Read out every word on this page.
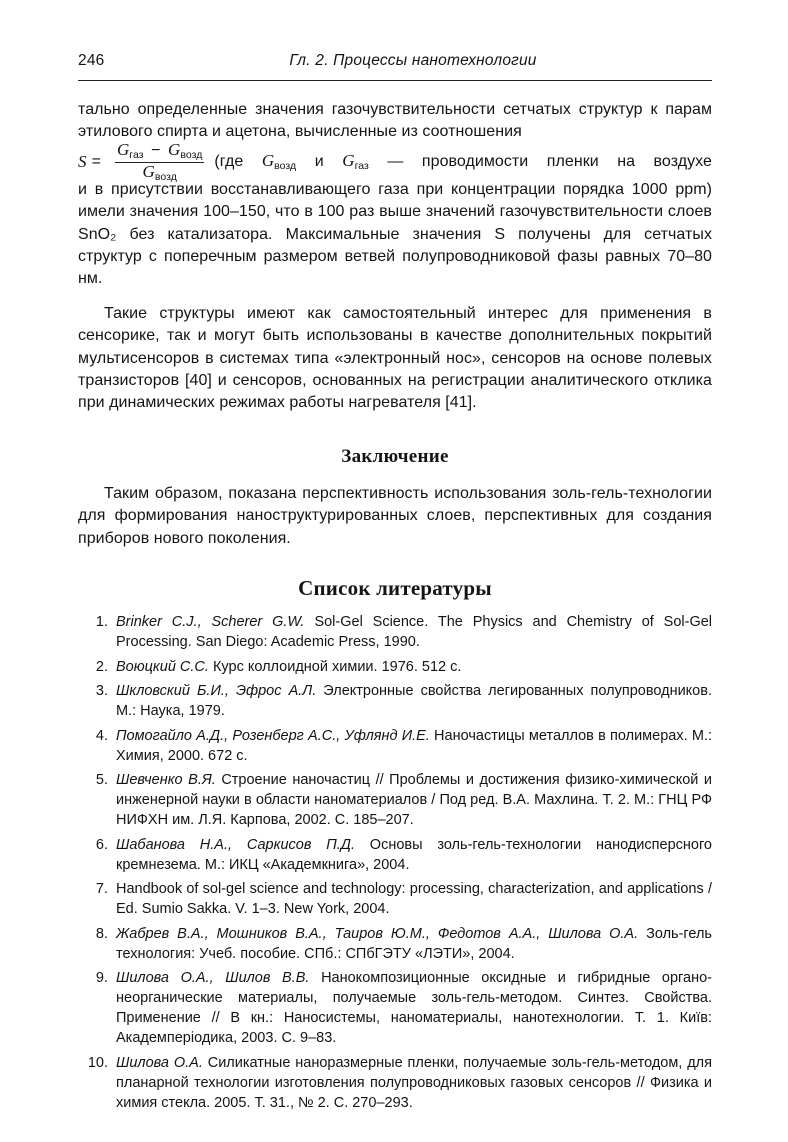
246	Гл. 2. Процессы нанотехнологии
тально определенные значения газочувствительности сетчатых структур к парам этилового спирта и ацетона, вычисленные из соотношения
$S = \frac{\text{Gгаз − Gвозд}}{\text{Gвозд}} (где$ Gвозд и Gгаз — проводимости пленки на воздухе
и в присутствии восстанавливающего газа при концентрации порядка 1000 ppm) имели значения 100–150, что в 100 раз выше значений газочувствительности слоев SnO₂ без катализатора. Максимальные значения S получены для сетчатых структур с поперечным размером ветвей полупроводниковой фазы равных 70–80 нм.

Такие структуры имеют как самостоятельный интерес для применения в сенсорике, так и могут быть использованы в качестве дополнительных покрытий мультисенсоров в системах типа «электронный нос», сенсоров на основе полевых транзисторов [40] и сенсоров, основанных на регистрации аналитического отклика при динамических режимах работы нагревателя [41].

Заключение

Таким образом, показана перспективность использования золь-гель-технологии для формирования наноструктурированных слоев, перспективных для создания приборов нового поколения.

Список литературы
1. Brinker C.J., Scherer G.W. Sol-Gel Science. The Physics and Chemistry of Sol-Gel Processing. San Diego: Academic Press, 1990.
2. Воюцкий С.С. Курс коллоидной химии. 1976. 512 с.
3. Шкловский Б.И., Эфрос А.Л. Электронные свойства легированных полупроводников. М.: Наука, 1979.
4. Помогайло А.Д., Розенберг А.С., Уфлянд И.Е. Наночастицы металлов в полимерах. М.: Химия, 2000. 672 с.
5. Шевченко В.Я. Строение наночастиц // Проблемы и достижения физико-химической и инженерной науки в области наноматериалов / Под ред. В.А. Махлина. Т. 2. М.: ГНЦ РФ НИФХН им. Л.Я. Карпова, 2002. С. 185–207.
6. Шабанова Н.А., Саркисов П.Д. Основы золь-гель-технологии нанодисперсного кремнезема. М.: ИКЦ «Академкнига», 2004.
7. Handbook of sol-gel science and technology: processing, characterization, and applications / Ed. Sumio Sakka. V. 1–3. New York, 2004.
8. Жабрев В.А., Мошников В.А., Таиров Ю.М., Федотов А.А., Шилова О.А. Золь-гель технология: Учеб. пособие. СПб.: СПбГЭТУ «ЛЭТИ», 2004.
9. Шилова О.А., Шилов В.В. Нанокомпозиционные оксидные и гибридные органо-неорганические материалы, получаемые золь-гель-методом. Синтез. Свойства. Применение // В кн.: Наносистемы, наноматериалы, нанотехнологии. Т. 1. Київ: Академперіодика, 2003. С. 9–83.
10. Шилова О.А. Силикатные наноразмерные пленки, получаемые золь-гель-методом, для планарной технологии изготовления полупроводниковых газовых сенсоров // Физика и химия стекла. 2005. Т. 31., № 2. С. 270–293.
